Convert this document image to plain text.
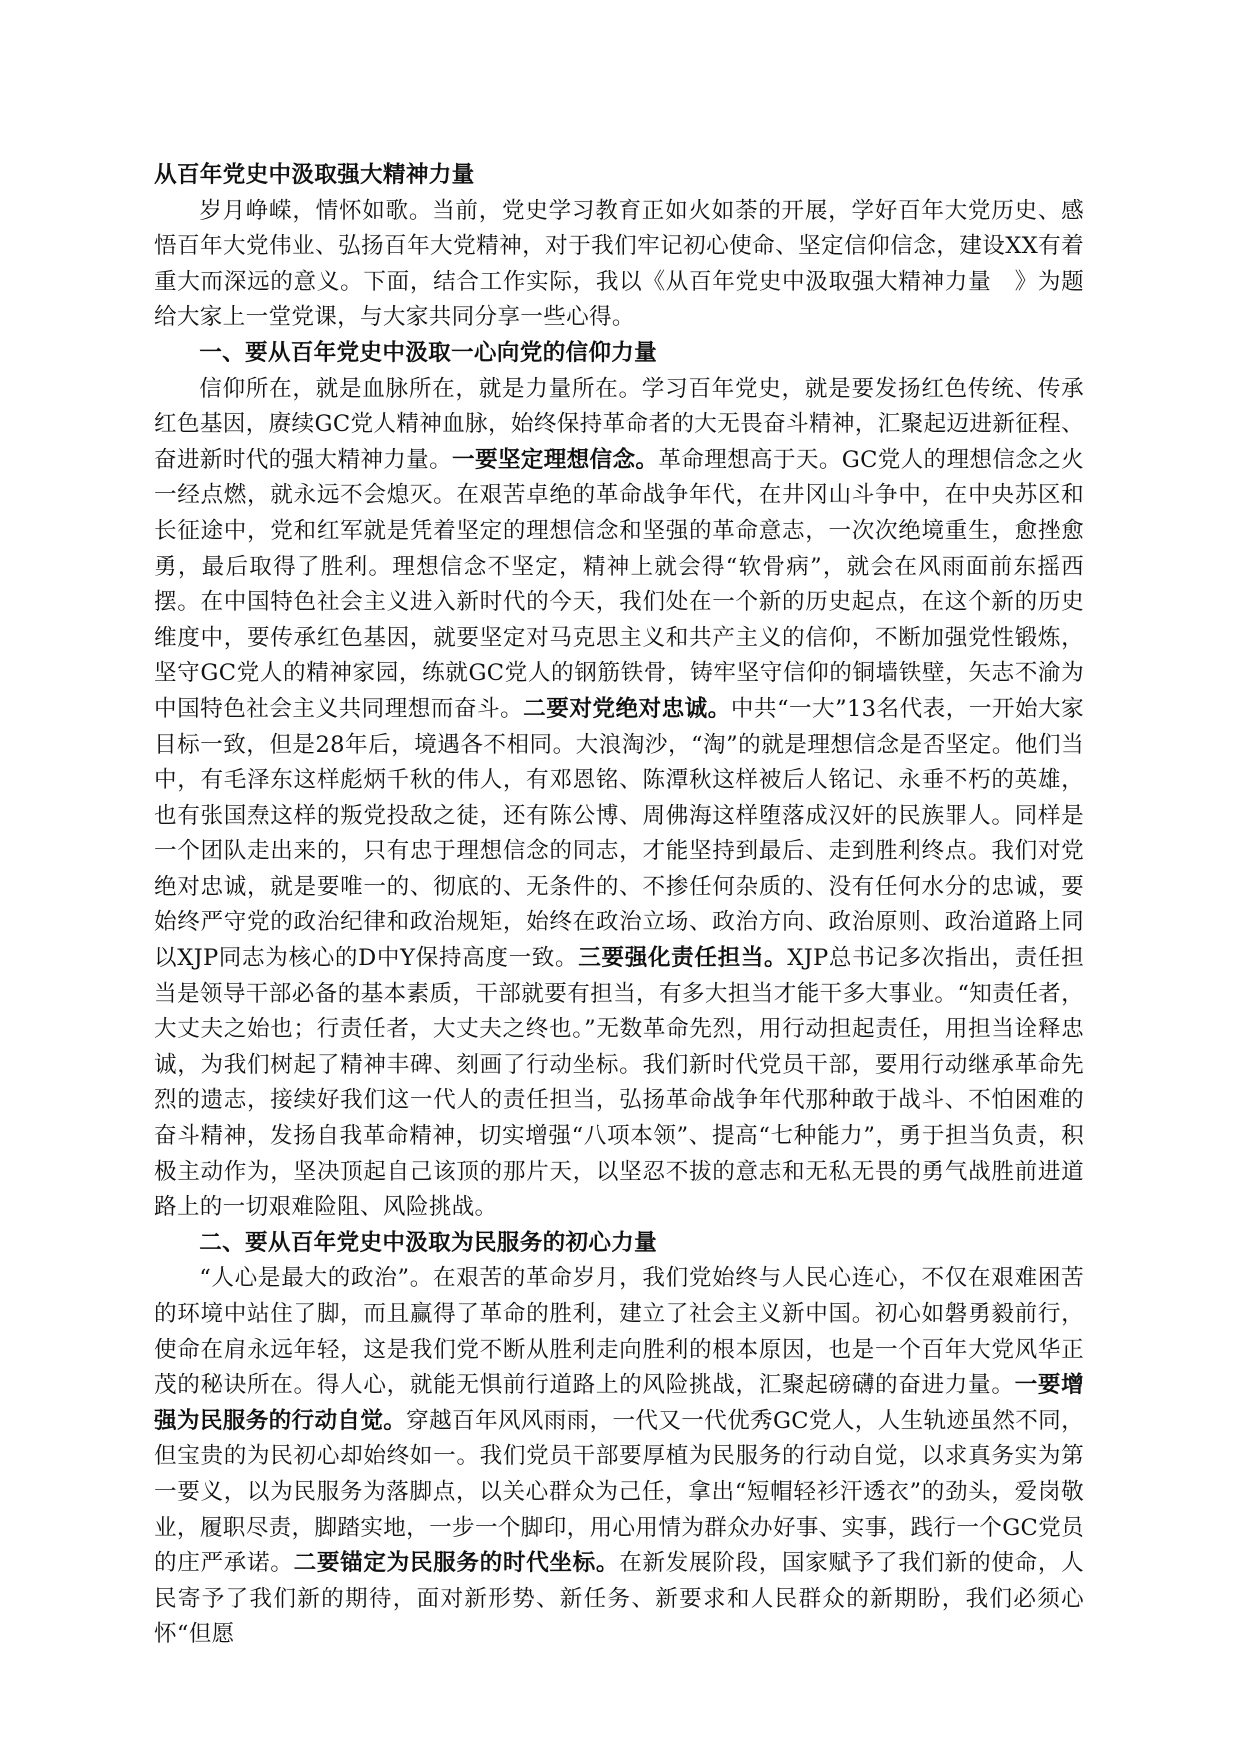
从百年党史中汲取强大精神力量

岁月峥嵘，情怀如歌。当前，党史学习教育正如火如荼的开展，学好百年大党历史、感悟百年大党伟业、弘扬百年大党精神，对于我们牢记初心使命、坚定信仰信念，建设XX有着重大而深远的意义。下面，结合工作实际，我以《从百年党史中汲取强大精神力量　》为题给大家上一堂党课，与大家共同分享一些心得。

一、要从百年党史中汲取一心向党的信仰力量

信仰所在，就是血脉所在，就是力量所在。学习百年党史，就是要发扬红色传统、传承红色基因，赓续GC党人精神血脉，始终保持革命者的大无畏奋斗精神，汇聚起迈进新征程、奋进新时代的强大精神力量。一要坚定理想信念。革命理想高于天。GC党人的理想信念之火一经点燃，就永远不会熄灭。在艰苦卓绝的革命战争年代，在井冈山斗争中，在中央苏区和长征途中，党和红军就是凭着坚定的理想信念和坚强的革命意志，一次次绝境重生，愈挫愈勇，最后取得了胜利。理想信念不坚定，精神上就会得“软骨病”，就会在风雨面前东摇西摆。在中国特色社会主义进入新时代的今天，我们处在一个新的历史起点，在这个新的历史维度中，要传承红色基因，就要坚定对马克思主义和共产主义的信仰，不断加强党性锻炼，坚守GC党人的精神家园，练就GC党人的钢筋铁骨，铸牢坚守信仰的铜墙铁壁，矢志不渝为中国特色社会主义共同理想而奋斗。二要对党绝对忠诚。中共“一大”13名代表，一开始大家目标一致，但是28年后，境遇各不相同。大浪淘沙，“淘”的就是理想信念是否坚定。他们当中，有毛泽东这样彪炳千秋的伟人，有邓恩铭、陈潭秋这样被后人铭记、永垂不朽的英雄，也有张国焘这样的叛党投敌之徒，还有陈公博、周佛海这样堕落成汉奸的民族罪人。同样是一个团队走出来的，只有忠于理想信念的同志，才能坚持到最后、走到胜利终点。我们对党绝对忠诚，就是要唯一的、彻底的、无条件的、不掺任何杂质的、没有任何水分的忠诚，要始终严守党的政治纪律和政治规矩，始终在政治立场、政治方向、政治原则、政治道路上同以XJP同志为核心的D中Y保持高度一致。三要强化责任担当。XJP总书记多次指出，责任担当是领导干部必备的基本素质，干部就要有担当，有多大担当才能干多大事业。“知责任者，大丈夫之始也；行责任者，大丈夫之终也。”无数革命先烈，用行动担起责任，用担当诠释忠诚，为我们树起了精神丰碑、刻画了行动坐标。我们新时代党员干部，要用行动继承革命先烈的遗志，接续好我们这一代人的责任担当，弘扬革命战争年代那种敢于战斗、不怕困难的奋斗精神，发扬自我革命精神，切实增强“八项本领”、提高“七种能力”，勇于担当负责，积极主动作为，坚决顶起自己该顶的那片天，以坚忍不拔的意志和无私无畏的勇气战胜前进道路上的一切艰难险阻、风险挑战。

二、要从百年党史中汲取为民服务的初心力量

“人心是最大的政治”。在艰苦的革命岁月，我们党始终与人民心连心，不仅在艰难困苦的环境中站住了脚，而且赢得了革命的胜利，建立了社会主义新中国。初心如磐勇毅前行，使命在肩永远年轻，这是我们党不断从胜利走向胜利的根本原因，也是一个百年大党风华正茂的秘诀所在。得人心，就能无惧前行道路上的风险挑战，汇聚起磅礴的奋进力量。一要增强为民服务的行动自觉。穿越百年风风雨雨，一代又一代优秀GC党人，人生轨迹虽然不同，但宝贵的为民初心却始终如一。我们党员干部要厚植为民服务的行动自觉，以求真务实为第一要义，以为民服务为落脚点，以关心群众为己任，拿出“短帽轻衫汗透衣”的劲头，爱岗敬业，履职尽责，脚踏实地，一步一个脚印，用心用情为群众办好事、实事，践行一个GC党员的庄严承诺。二要锚定为民服务的时代坐标。在新发展阶段，国家赋予了我们新的使命，人民寄予了我们新的期待，面对新形势、新任务、新要求和人民群众的新期盼，我们必须心怀“但愿
